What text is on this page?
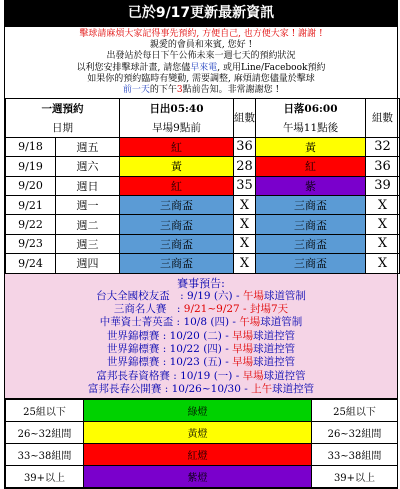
已於9/17更新最新資訊
擊球請麻煩大家記得事先預約, 方便自己, 也方便大家 ! 謝謝 !
親愛的會員和來賓, 您好 !
出發站於每日下午公佈未來一週七天的預約狀況
以利您安排擊球計畫, 請您儘早來電, 或用Line/Facebook預約
如果你的預約臨時有變動, 需要調整, 麻煩請您儘量於擊球
前一天的下午3點前告知。非常謝謝您 !
一週預約		日出05:40	組數	日落06:00	組數
日期		早場9點前		午場11點後	
9/18	週五	紅	36	黃	32
9/19	週六	黃	28	紅	36
9/20	週日	紅	35	紫	39
9/21	週一	三商盃	X	三商盃	X
9/22	週二	三商盃	X	三商盃	X
9/23	週三	三商盃	X	三商盃	X
9/24	週四	三商盃	X	三商盃	X
賽事預告:
台大全國校友盃　: 9/19 (六) - 午場球道管制
三商名人賽　: 9/21~9/27 - 封場7天
中華資士菁英盃 : 10/8 (四) - 午場球道管制
世界錦標賽 : 10/20 (二) - 早場球道控管
世界錦標賽 : 10/22 (四) - 早場球道控管
世界錦標賽 : 10/23 (五) - 早場球道控管
富邦長春資格賽 : 10/19 (一) - 早場球道控管
富邦長春公開賽 : 10/26~10/30 - 上午球道控管
25組以下	綠燈	25組以下
26~32組間	黃燈	26~32組間
33~38組間	紅燈	33~38組間
39+以上	紫燈	39+以上
